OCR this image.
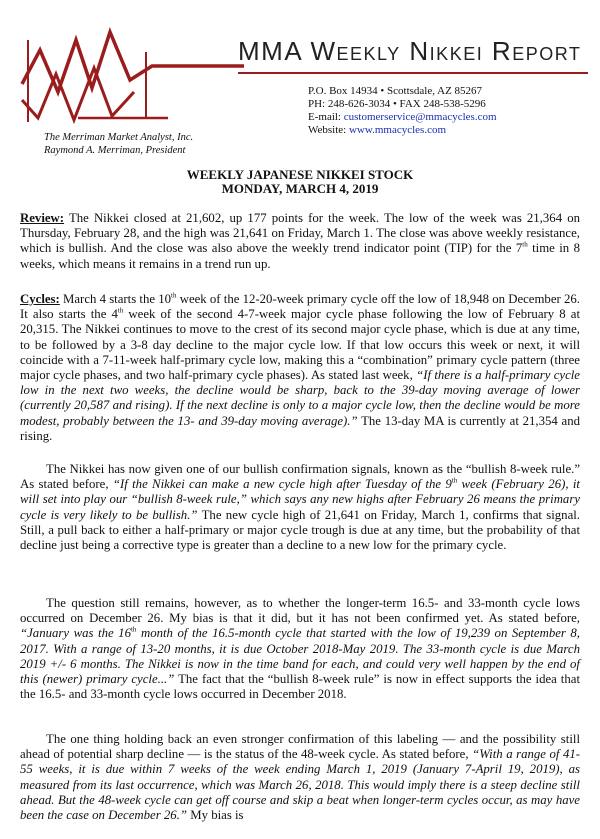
MMA Weekly Nikkei Report
P.O. Box 14934 • Scottsdale, AZ 85267
PH: 248-626-3034 • FAX 248-538-5296
E-mail: customerservice@mmacycles.com
Website: www.mmacycles.com
The Merriman Market Analyst, Inc.
Raymond A. Merriman, President
WEEKLY JAPANESE NIKKEI STOCK
MONDAY, MARCH 4, 2019
Review: The Nikkei closed at 21,602, up 177 points for the week. The low of the week was 21,364 on Thursday, February 28, and the high was 21,641 on Friday, March 1. The close was above weekly resistance, which is bullish. And the close was also above the weekly trend indicator point (TIP) for the 7th time in 8 weeks, which means it remains in a trend run up.
Cycles: March 4 starts the 10th week of the 12-20-week primary cycle off the low of 18,948 on December 26. It also starts the 4th week of the second 4-7-week major cycle phase following the low of February 8 at 20,315. The Nikkei continues to move to the crest of its second major cycle phase, which is due at any time, to be followed by a 3-8 day decline to the major cycle low. If that low occurs this week or next, it will coincide with a 7-11-week half-primary cycle low, making this a “combination” primary cycle pattern (three major cycle phases, and two half-primary cycle phases). As stated last week, “If there is a half-primary cycle low in the next two weeks, the decline would be sharp, back to the 39-day moving average of lower (currently 20,587 and rising). If the next decline is only to a major cycle low, then the decline would be more modest, probably between the 13- and 39-day moving average).” The 13-day MA is currently at 21,354 and rising.
The Nikkei has now given one of our bullish confirmation signals, known as the “bullish 8-week rule.” As stated before, “If the Nikkei can make a new cycle high after Tuesday of the 9th week (February 26), it will set into play our “bullish 8-week rule,” which says any new highs after February 26 means the primary cycle is very likely to be bullish.” The new cycle high of 21,641 on Friday, March 1, confirms that signal. Still, a pull back to either a half-primary or major cycle trough is due at any time, but the probability of that decline just being a corrective type is greater than a decline to a new low for the primary cycle.
The question still remains, however, as to whether the longer-term 16.5- and 33-month cycle lows occurred on December 26. My bias is that it did, but it has not been confirmed yet. As stated before, “January was the 16th month of the 16.5-month cycle that started with the low of 19,239 on September 8, 2017. With a range of 13-20 months, it is due October 2018-May 2019. The 33-month cycle is due March 2019 +/- 6 months. The Nikkei is now in the time band for each, and could very well happen by the end of this (newer) primary cycle...” The fact that the “bullish 8-week rule” is now in effect supports the idea that the 16.5- and 33-month cycle lows occurred in December 2018.
The one thing holding back an even stronger confirmation of this labeling — and the possibility still ahead of potential sharp decline — is the status of the 48-week cycle. As stated before, “With a range of 41-55 weeks, it is due within 7 weeks of the week ending March 1, 2019 (January 7-April 19, 2019), as measured from its last occurrence, which was March 26, 2018. This would imply there is a steep decline still ahead. But the 48-week cycle can get off course and skip a beat when longer-term cycles occur, as may have been the case on December 26.” My bias is
